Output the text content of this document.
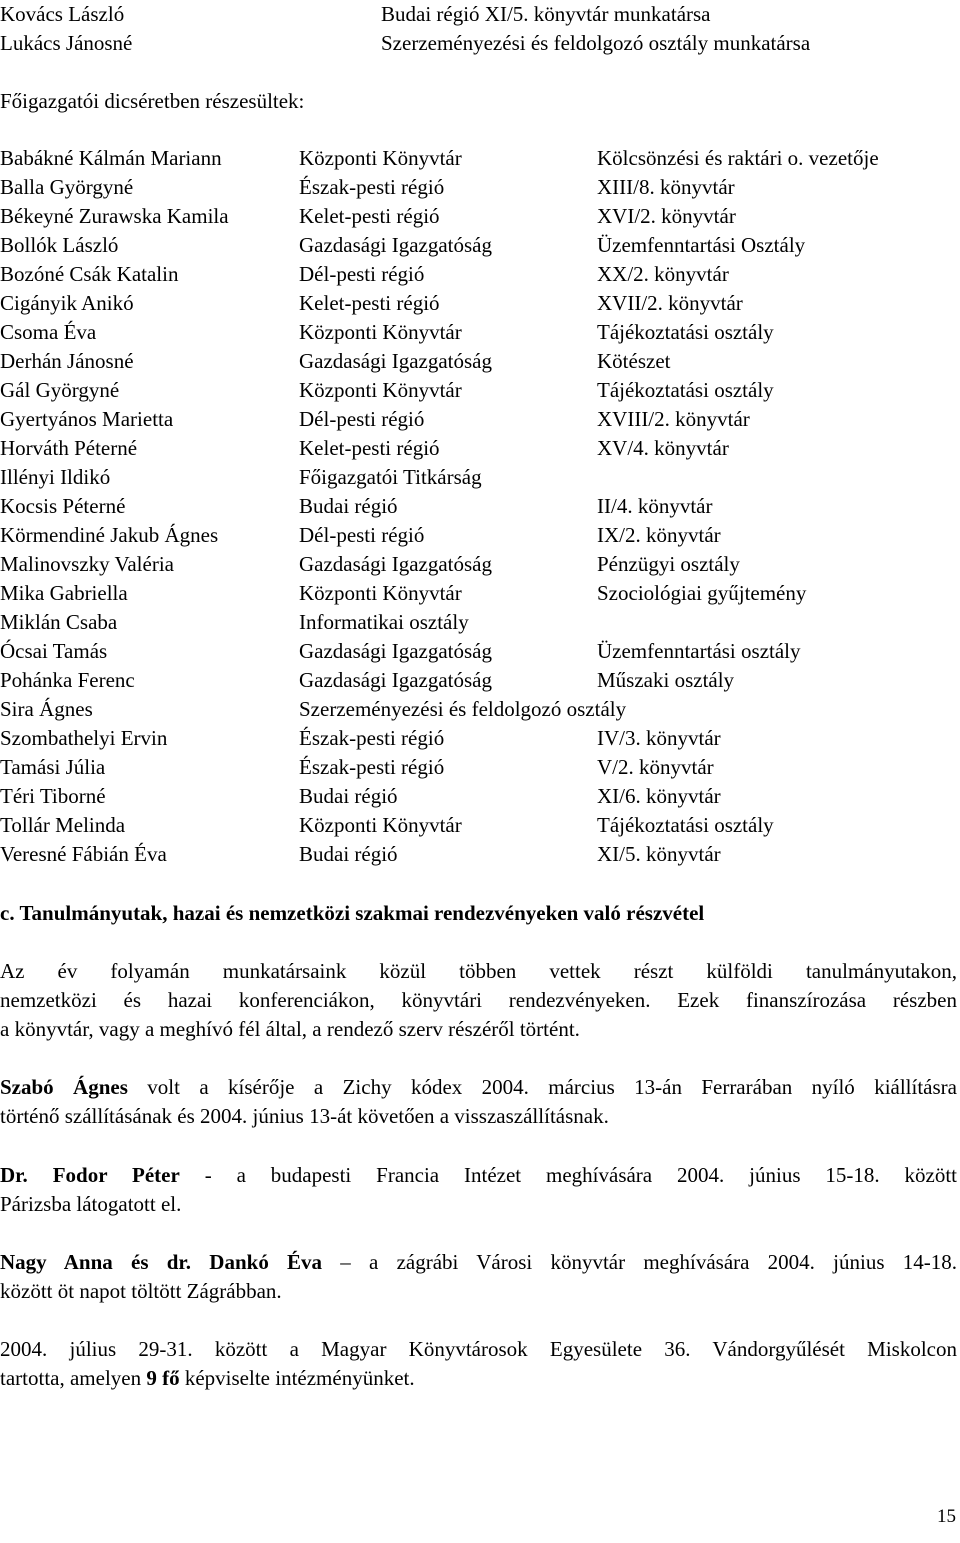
Kovács László	Budai régió XI/5. könyvtár munkatársa
Lukács Jánosné	Szerzeményezési és feldolgozó osztály munkatársa
Főigazgatói dicséretben részesültek:
Babákné Kálmán Mariann	Központi Könyvtár	Kölcsönzési és raktári o. vezetője
Balla Györgyné	Észak-pesti régió	XIII/8. könyvtár
Békeyné Zurawska Kamila	Kelet-pesti régió	XVI/2. könyvtár
Bollók László	Gazdasági Igazgatóság	Üzemfenntartási Osztály
Bozóné Csák Katalin	Dél-pesti régió	XX/2. könyvtár
Cigányik Anikó	Kelet-pesti régió	XVII/2. könyvtár
Csoma Éva	Központi Könyvtár	Tájékoztatási osztály
Derhán Jánosné	Gazdasági Igazgatóság	Kötészet
Gál Györgyné	Központi Könyvtár	Tájékoztatási osztály
Gyertyános Marietta	Dél-pesti régió	XVIII/2. könyvtár
Horváth Péterné	Kelet-pesti régió	XV/4. könyvtár
Illényi Ildikó	Főigazgatói Titkárság
Kocsis Péterné	Budai régió	II/4. könyvtár
Körmendiné Jakub Ágnes	Dél-pesti régió	IX/2. könyvtár
Malinovszky Valéria	Gazdasági Igazgatóság	Pénzügyi osztály
Mika Gabriella	Központi Könyvtár	Szociológiai gyűjtemény
Miklán Csaba	Informatikai osztály
Ócsai Tamás	Gazdasági Igazgatóság	Üzemfenntartási osztály
Pohánka Ferenc	Gazdasági Igazgatóság	Műszaki osztály
Sira Ágnes	Szerzeményezési és feldolgozó osztály
Szombathelyi Ervin	Észak-pesti régió	IV/3. könyvtár
Tamási Júlia	Észak-pesti régió	V/2. könyvtár
Téri Tiborné	Budai régió	XI/6. könyvtár
Tollár Melinda	Központi Könyvtár	Tájékoztatási osztály
Veresné Fábián Éva	Budai régió	XI/5. könyvtár
c. Tanulmányutak, hazai és nemzetközi szakmai rendezvényeken való részvétel
Az év folyamán munkatársaink közül többen vettek részt külföldi tanulmányutakon,
nemzetközi és hazai konferenciákon, könyvtári rendezvényeken. Ezek finanszírozása részben
a könyvtár, vagy a meghívó fél által, a rendező szerv részéről történt.
Szabó Ágnes volt a kísérője a Zichy kódex 2004. március 13-án Ferrarában nyíló kiállításra
történő szállításának és 2004. június 13-át követően a visszaszállításnak.
Dr. Fodor Péter - a budapesti Francia Intézet meghívására 2004. június 15-18. között
Párizsba látogatott el.
Nagy Anna és dr. Dankó Éva – a zágrábi Városi könyvtár meghívására 2004. június 14-18.
között öt napot töltött Zágrábban.
2004. július 29-31. között a Magyar Könyvtárosok Egyesülete 36. Vándorgyűlését Miskolcon
tartotta, amelyen 9 fő képviselte intézményünket.
15
